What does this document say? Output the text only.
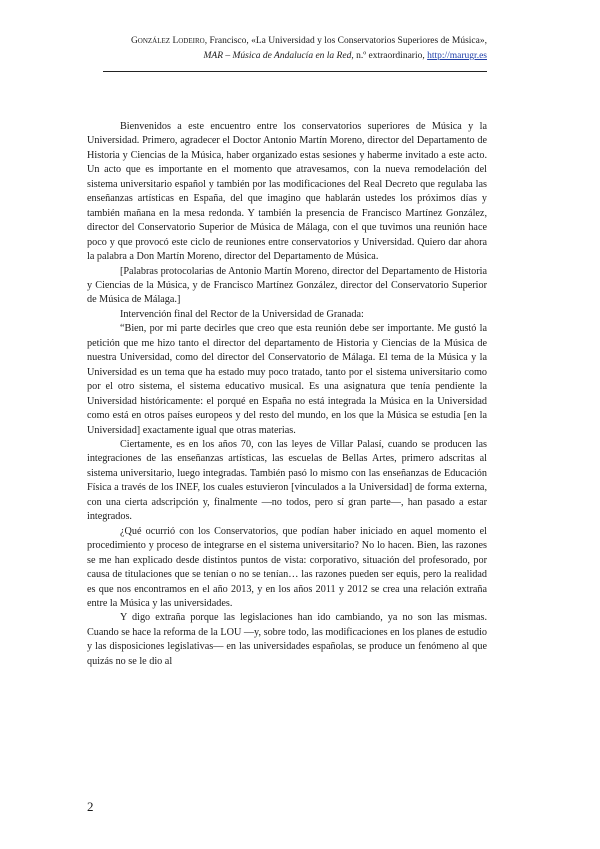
González Lodeiro, Francisco, «La Universidad y los Conservatorios Superiores de Música»,
MAR – Música de Andalucía en la Red, n.º extraordinario, http://marugr.es

Bienvenidos a este encuentro entre los conservatorios superiores de Música y la Universidad. Primero, agradecer el Doctor Antonio Martín Moreno, director del Departamento de Historia y Ciencias de la Música, haber organizado estas sesiones y haberme invitado a este acto. Un acto que es importante en el momento que atravesamos, con la nueva remodelación del sistema universitario español y también por las modificaciones del Real Decreto que regulaba las enseñanzas artísticas en España, del que imagino que hablarán ustedes los próximos días y también mañana en la mesa redonda. Y también la presencia de Francisco Martínez González, director del Conservatorio Superior de Música de Málaga, con el que tuvimos una reunión hace poco y que provocó este ciclo de reuniones entre conservatorios y Universidad. Quiero dar ahora la palabra a Don Martín Moreno, director del Departamento de Música.

[Palabras protocolarias de Antonio Martín Moreno, director del Departamento de Historia y Ciencias de la Música, y de Francisco Martínez González, director del Conservatorio Superior de Música de Málaga.]

Intervención final del Rector de la Universidad de Granada:

“Bien, por mi parte decirles que creo que esta reunión debe ser importante. Me gustó la petición que me hizo tanto el director del departamento de Historia y Ciencias de la Música de nuestra Universidad, como del director del Conservatorio de Málaga. El tema de la Música y la Universidad es un tema que ha estado muy poco tratado, tanto por el sistema universitario como por el otro sistema, el sistema educativo musical. Es una asignatura que tenía pendiente la Universidad históricamente: el porqué en España no está integrada la Música en la Universidad como está en otros países europeos y del resto del mundo, en los que la Música se estudia [en la Universidad] exactamente igual que otras materias.

Ciertamente, es en los años 70, con las leyes de Villar Palasí, cuando se producen las integraciones de las enseñanzas artísticas, las escuelas de Bellas Artes, primero adscritas al sistema universitario, luego integradas. También pasó lo mismo con las enseñanzas de Educación Física a través de los INEF, los cuales estuvieron [vinculados a la Universidad] de forma externa, con una cierta adscripción y, finalmente —no todos, pero sí gran parte—, han pasado a estar integrados.

¿Qué ocurrió con los Conservatorios, que podían haber iniciado en aquel momento el procedimiento y proceso de integrarse en el sistema universitario? No lo hacen. Bien, las razones se me han explicado desde distintos puntos de vista: corporativo, situación del profesorado, por causa de titulaciones que se tenían o no se tenían… las razones pueden ser equis, pero la realidad es que nos encontramos en el año 2013, y en los años 2011 y 2012 se crea una relación extraña entre la Música y las universidades.

Y digo extraña porque las legislaciones han ido cambiando, ya no son las mismas. Cuando se hace la reforma de la LOU —y, sobre todo, las modificaciones en los planes de estudio y las disposiciones legislativas— en las universidades españolas, se produce un fenómeno al que quizás no se le dio al

2
